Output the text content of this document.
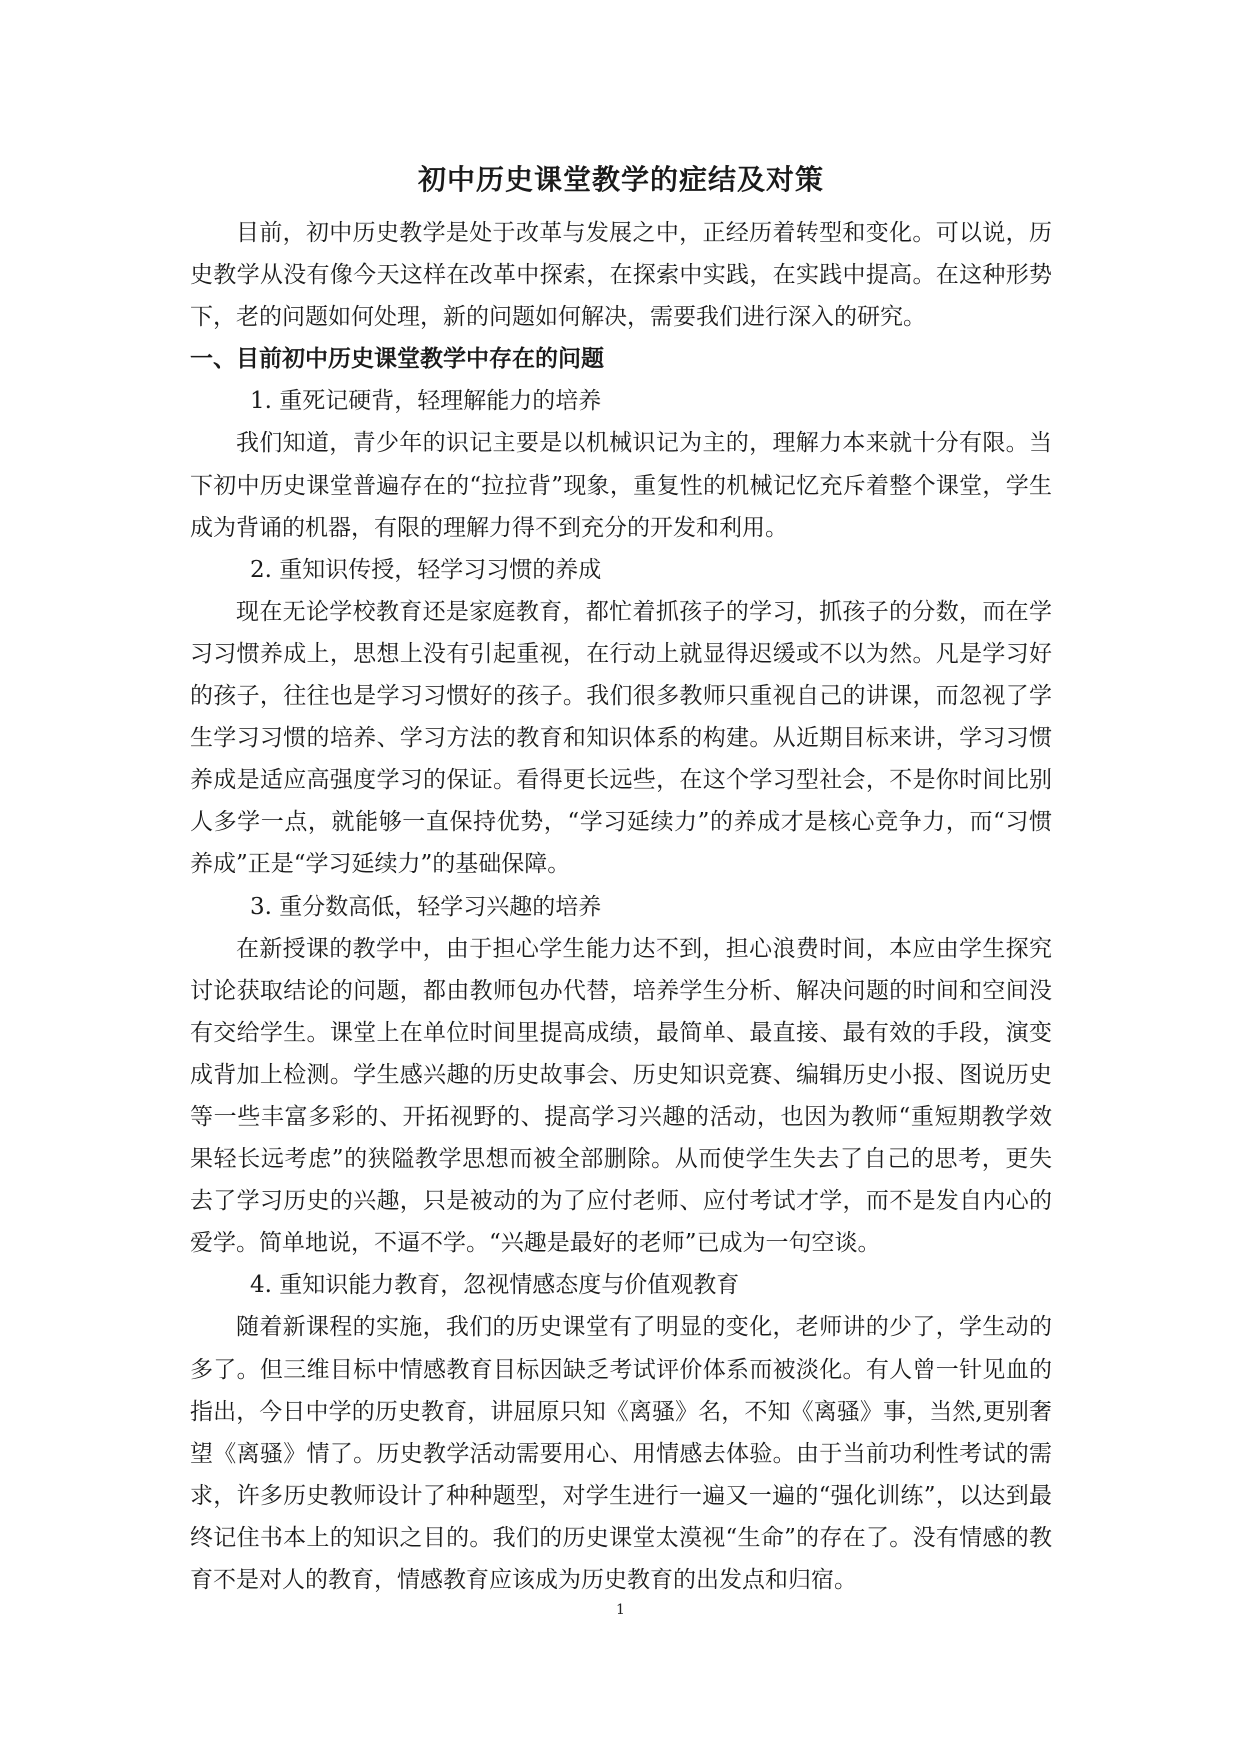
初中历史课堂教学的症结及对策

目前，初中历史教学是处于改革与发展之中，正经历着转型和变化。可以说，历史教学从没有像今天这样在改革中探索，在探索中实践，在实践中提高。在这种形势下，老的问题如何处理，新的问题如何解决，需要我们进行深入的研究。

一、目前初中历史课堂教学中存在的问题

1. 重死记硬背，轻理解能力的培养

我们知道，青少年的识记主要是以机械识记为主的，理解力本来就十分有限。当下初中历史课堂普遍存在的“拉拉背”现象，重复性的机械记忆充斥着整个课堂，学生成为背诵的机器，有限的理解力得不到充分的开发和利用。

2. 重知识传授，轻学习习惯的养成

现在无论学校教育还是家庭教育，都忙着抓孩子的学习，抓孩子的分数，而在学习习惯养成上，思想上没有引起重视，在行动上就显得迟缓或不以为然。凡是学习好的孩子，往往也是学习习惯好的孩子。我们很多教师只重视自己的讲课，而忽视了学生学习习惯的培养、学习方法的教育和知识体系的构建。从近期目标来讲，学习习惯养成是适应高强度学习的保证。看得更长远些，在这个学习型社会，不是你时间比别人多学一点，就能够一直保持优势，“学习延续力”的养成才是核心竞争力，而“习惯养成”正是“学习延续力”的基础保障。

3. 重分数高低，轻学习兴趣的培养

在新授课的教学中，由于担心学生能力达不到，担心浪费时间，本应由学生探究讨论获取结论的问题，都由教师包办代替，培养学生分析、解决问题的时间和空间没有交给学生。课堂上在单位时间里提高成绩，最简单、最直接、最有效的手段，演变成背加上检测。学生感兴趣的历史故事会、历史知识竞赛、编辑历史小报、图说历史等一些丰富多彩的、开拓视野的、提高学习兴趣的活动，也因为教师“重短期教学效果轻长远考虑”的狭隘教学思想而被全部删除。从而使学生失去了自己的思考，更失去了学习历史的兴趣，只是被动的为了应付老师、应付考试才学，而不是发自内心的爱学。简单地说，不逼不学。“兴趣是最好的老师”已成为一句空谈。

4. 重知识能力教育，忽视情感态度与价值观教育

随着新课程的实施，我们的历史课堂有了明显的变化，老师讲的少了，学生动的多了。但三维目标中情感教育目标因缺乏考试评价体系而被淡化。有人曾一针见血的指出，今日中学的历史教育，讲屈原只知《离骚》名，不知《离骚》事，当然,更别奢望《离骚》情了。历史教学活动需要用心、用情感去体验。由于当前功利性考试的需求，许多历史教师设计了种种题型，对学生进行一遍又一遍的“强化训练”，以达到最终记住书本上的知识之目的。我们的历史课堂太漠视“生命”的存在了。没有情感的教育不是对人的教育，情感教育应该成为历史教育的出发点和归宿。

1
